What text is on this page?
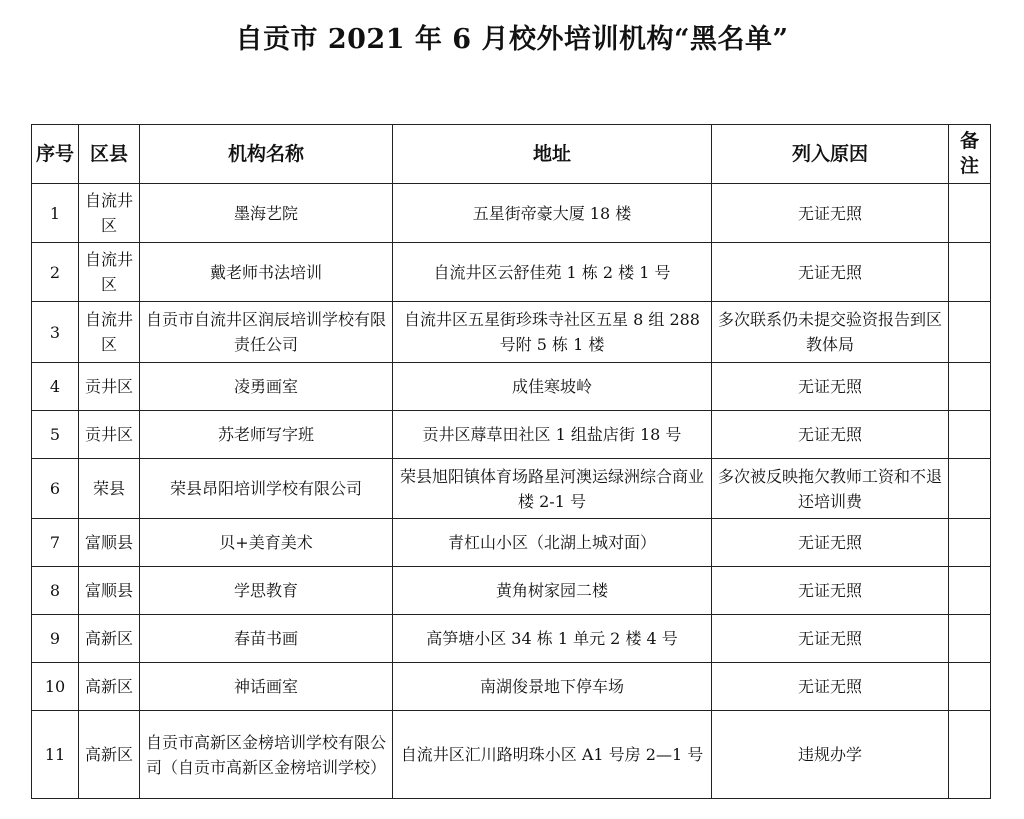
自贡市 2021 年 6 月校外培训机构“黑名单”
序号	区县	机构名称	地址	列入原因	备
注

1	自流井区	墨海艺院	五星街帝豪大厦 18 楼	无证无照	
2	自流井区	戴老师书法培训	自流井区云舒佳苑 1 栋 2 楼 1 号	无证无照	
3	自流井区	自贡市自流井区润辰培训学校有限责任公司	自流井区五星街珍珠寺社区五星 8 组 288 号附 5 栋 1 楼	多次联系仍未提交验资报告到区教体局	
4	贡井区	凌勇画室	成佳寒坡岭	无证无照	
5	贡井区	苏老师写字班	贡井区蓐草田社区 1 组盐店街 18 号	无证无照	
6	荣县	荣县昂阳培训学校有限公司	荣县旭阳镇体育场路星河澳运绿洲综合商业楼 2-1 号	多次被反映拖欠教师工资和不退还培训费	
7	富顺县	贝+美育美术	青杠山小区（北湖上城对面）	无证无照	
8	富顺县	学思教育	黄角树家园二楼	无证无照	
9	高新区	春苗书画	高笋塘小区 34 栋 1 单元 2 楼 4 号	无证无照	
10	高新区	神话画室	南湖俊景地下停车场	无证无照	
11	高新区	自贡市高新区金榜培训学校有限公司（自贡市高新区金榜培训学校）	自流井区汇川路明珠小区 A1 号房 2—1 号	违规办学	
